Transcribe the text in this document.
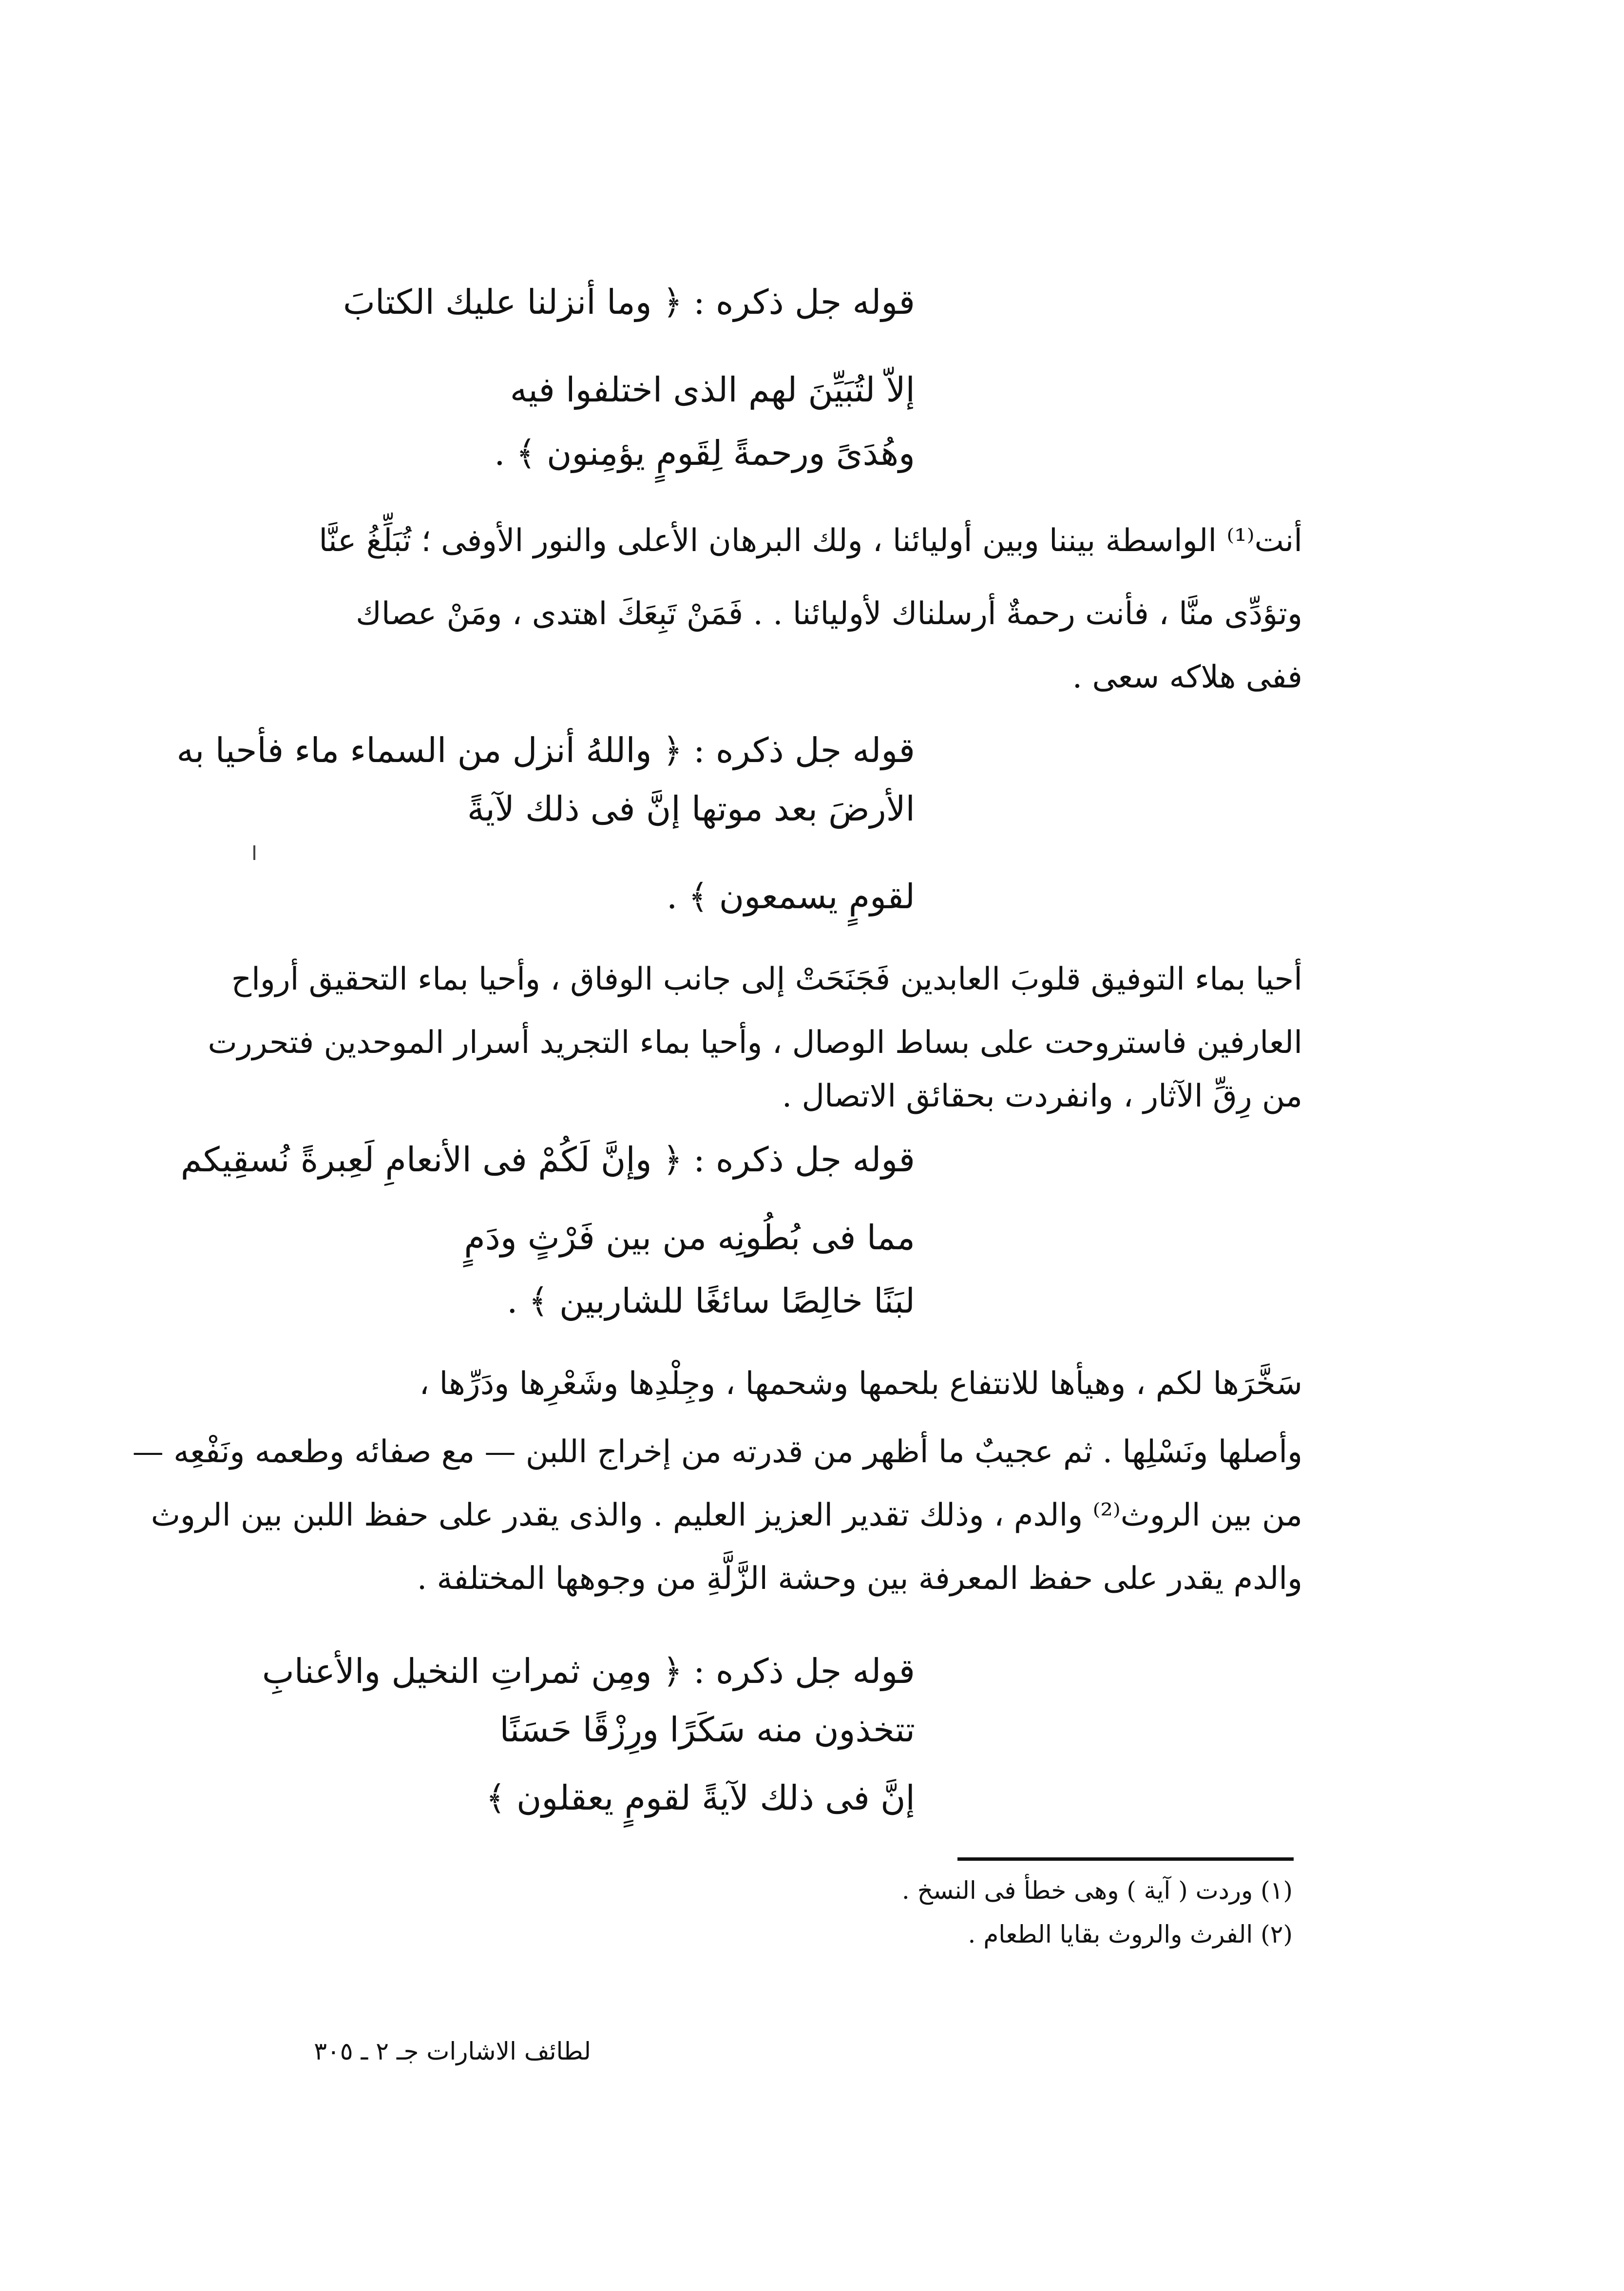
قوله جل ذكره : ﴿ وما أنزلنا عليك الكتابَ
إلاّ لتُبَيِّنَ لهم الذى اختلفوا فيه
وهُدَىً ورحمةً لِقَومٍ يؤمِنون ﴾ .
أنت⁽¹⁾ الواسطة بيننا وبين أوليائنا ، ولك البرهان الأعلى والنور الأوفى ؛ تُبَلِّغُ عنَّا
وتؤدِّى منَّا ، فأنت رحمةٌ أرسلناك لأوليائنا . . فَمَنْ تَبِعَكَ اهتدى ، ومَنْ عصاك
ففى هلاكه سعى .
قوله جل ذكره : ﴿ واللهُ أنزل من السماء ماء فأحيا به
الأرضَ بعد موتها إنَّ فى ذلك لآيةً
لقومٍ يسمعون ﴾ .
أحيا بماء التوفيق قلوبَ العابدين فَجَنَحَتْ إلى جانب الوفاق ، وأحيا بماء التحقيق أرواح
العارفين فاستروحت على بساط الوصال ، وأحيا بماء التجريد أسرار الموحدين فتحررت
من رِقِّ الآثار ، وانفردت بحقائق الاتصال .
قوله جل ذكره : ﴿ وإنَّ لَكُمْ فى الأنعامِ لَعِبرةً نُسقِيكم
مما فى بُطُونِه من بين فَرْثٍ ودَمٍ
لبَنًا خالِصًا سائغًا للشاربين ﴾ .
سَخَّرَها لكم ، وهيأها للانتفاع بلحمها وشحمها ، وجِلْدِها وشَعْرِها ودَرِّها ،
وأصلها ونَسْلِها . ثم عجيبٌ ما أظهر من قدرته من إخراج اللبن — مع صفائه وطعمه ونَفْعِه —
من بين الروث⁽²⁾ والدم ، وذلك تقدير العزيز العليم . والذى يقدر على حفظ اللبن بين الروث
والدم يقدر على حفظ المعرفة بين وحشة الزَّلَّةِ من وجوهها المختلفة .
قوله جل ذكره : ﴿ ومِن ثمراتِ النخيل والأعنابِ
تتخذون منه سَكَرًا ورِزْقًا حَسَنًا
إنَّ فى ذلك لآيةً لقومٍ يعقلون ﴾
(١) وردت ( آية ) وهى خطأ فى النسخ .
(٢) الفرث والروث بقايا الطعام .
لطائف الاشارات جـ ٢ ـ ٣٠٥
